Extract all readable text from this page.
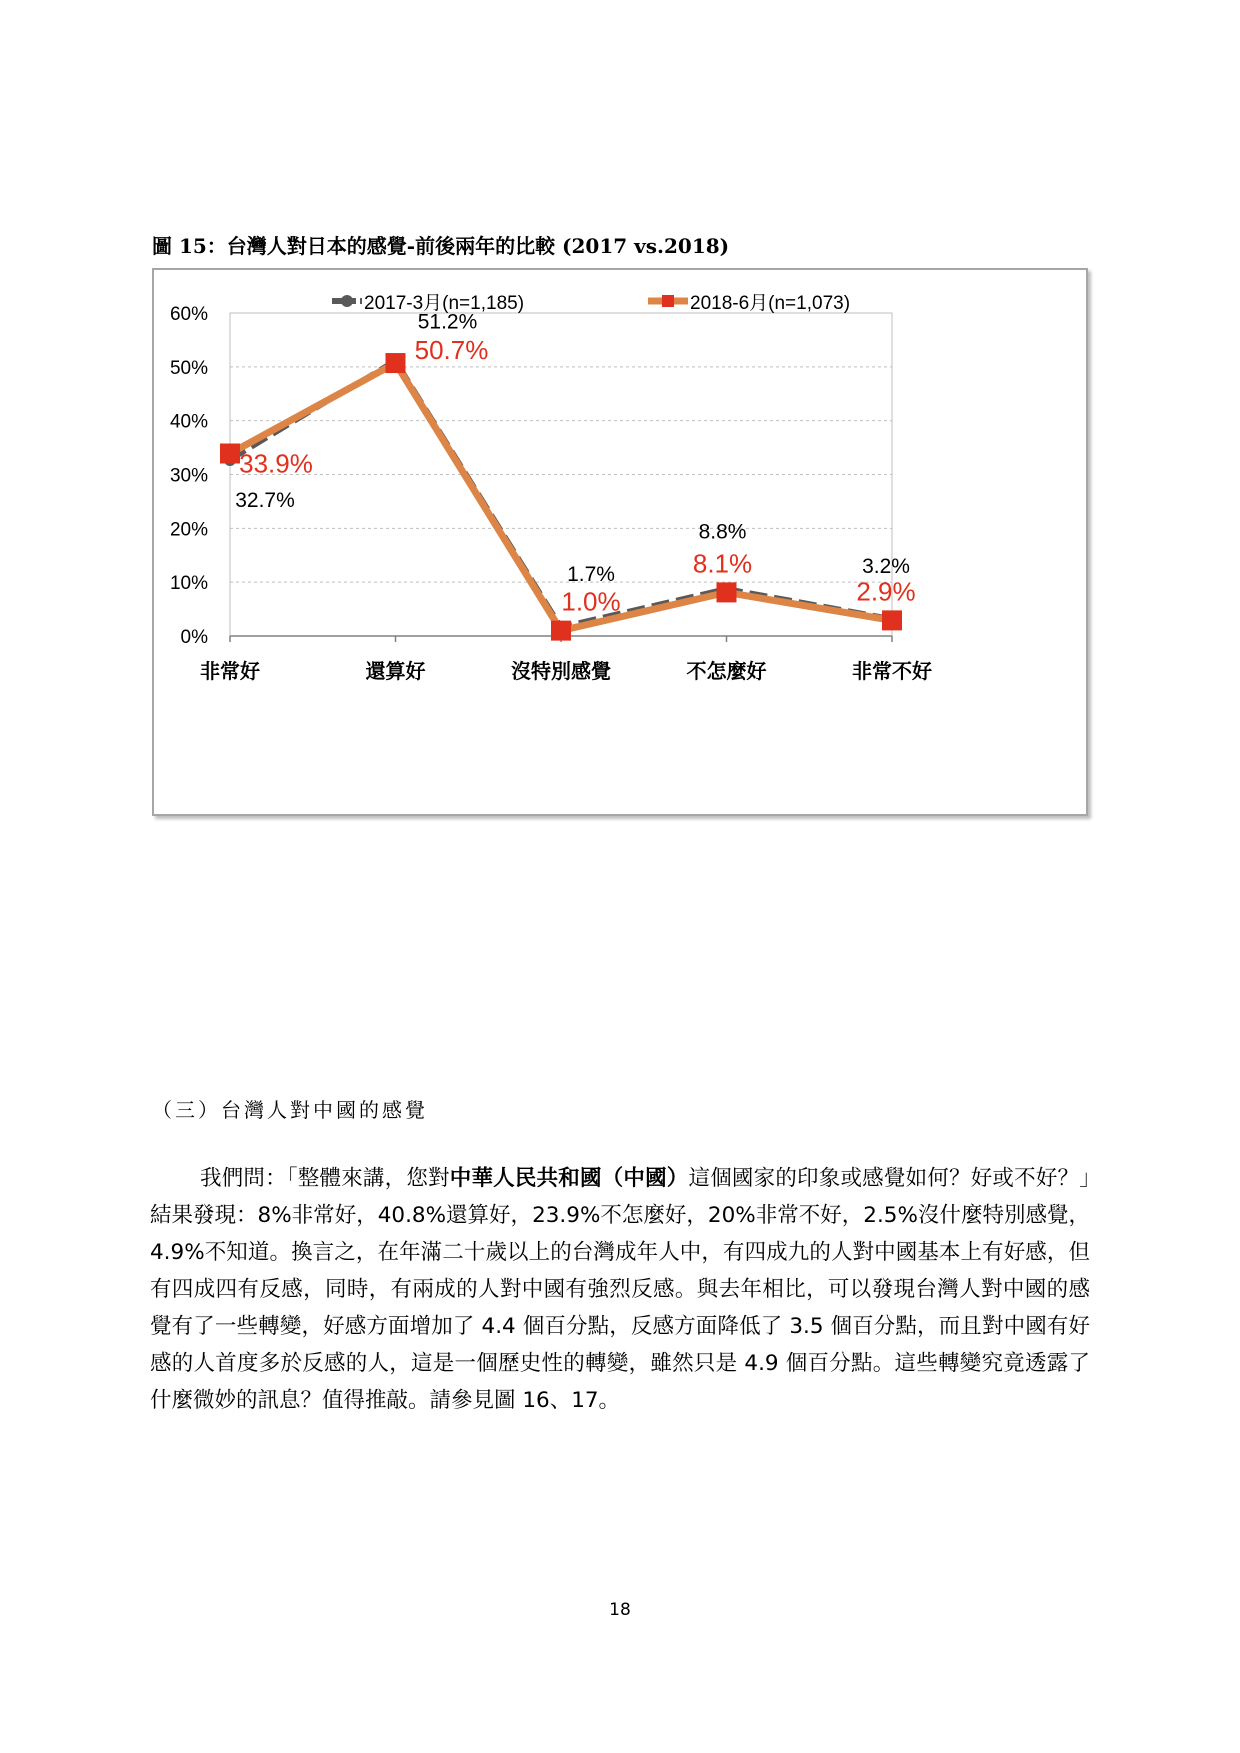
圖 15：台灣人對日本的感覺-前後兩年的比較 (2017 vs.2018)
0%
10%
20%
30%
40%
50%
60%
非常好	還算好	沒特別感覺	不怎麼好	非常不好
32.7%
51.2%
1.7%
8.8%
3.2%
33.9%
50.7%
1.0%
8.1%
2.9%
2017-3月(n=1,185)	2018-6月(n=1,073)
（三）台灣人對中國的感覺
我們問：「整體來講，您對中華人民共和國（中國）這個國家的印象或感覺如何？好或不好？」結果發現：8%非常好，40.8%還算好，23.9%不怎麼好，20%非常不好，2.5%沒什麼特別感覺，4.9%不知道。換言之，在年滿二十歲以上的台灣成年人中，有四成九的人對中國基本上有好感，但有四成四有反感，同時，有兩成的人對中國有強烈反感。與去年相比，可以發現台灣人對中國的感覺有了一些轉變，好感方面增加了 4.4 個百分點，反感方面降低了 3.5 個百分點，而且對中國有好感的人首度多於反感的人，這是一個歷史性的轉變，雖然只是 4.9 個百分點。這些轉變究竟透露了什麼微妙的訊息？值得推敲。請參見圖 16、17。
18
